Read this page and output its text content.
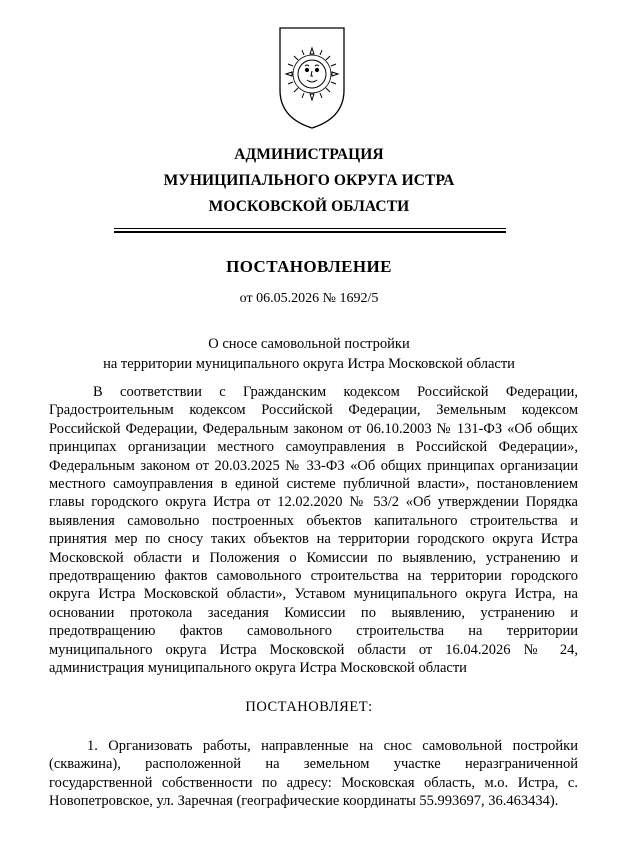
АДМИНИСТРАЦИЯ
МУНИЦИПАЛЬНОГО ОКРУГА ИСТРА
МОСКОВСКОЙ ОБЛАСТИ
ПОСТАНОВЛЕНИЕ
от 06.05.2026 № 1692/5
О сносе самовольной постройки
на территории муниципального округа Истра Московской области
В соответствии с Гражданским кодексом Российской Федерации, Градостроительным кодексом Российской Федерации, Земельным кодексом Российской Федерации, Федеральным законом от 06.10.2003 № 131-ФЗ «Об общих принципах организации местного самоуправления в Российской Федерации», Федеральным законом от 20.03.2025 № 33-ФЗ «Об общих принципах организации местного самоуправления в единой системе публичной власти», постановлением главы городского округа Истра от 12.02.2020 № 53/2 «Об утверждении Порядка выявления самовольно построенных объектов капитального строительства и принятия мер по сносу таких объектов на территории городского округа Истра Московской области и Положения о Комиссии по выявлению, устранению и предотвращению фактов самовольного строительства на территории городского округа Истра Московской области», Уставом муниципального округа Истра, на основании протокола заседания Комиссии по выявлению, устранению и предотвращению фактов самовольного строительства на территории муниципального округа Истра Московской области от 16.04.2026 № 24, администрация муниципального округа Истра Московской области
ПОСТАНОВЛЯЕТ:
1. Организовать работы, направленные на снос самовольной постройки (скважина), расположенной на земельном участке неразграниченной государственной собственности по адресу: Московская область, м.о. Истра, с. Новопетровское, ул. Заречная (географические координаты 55.993697, 36.463434).
